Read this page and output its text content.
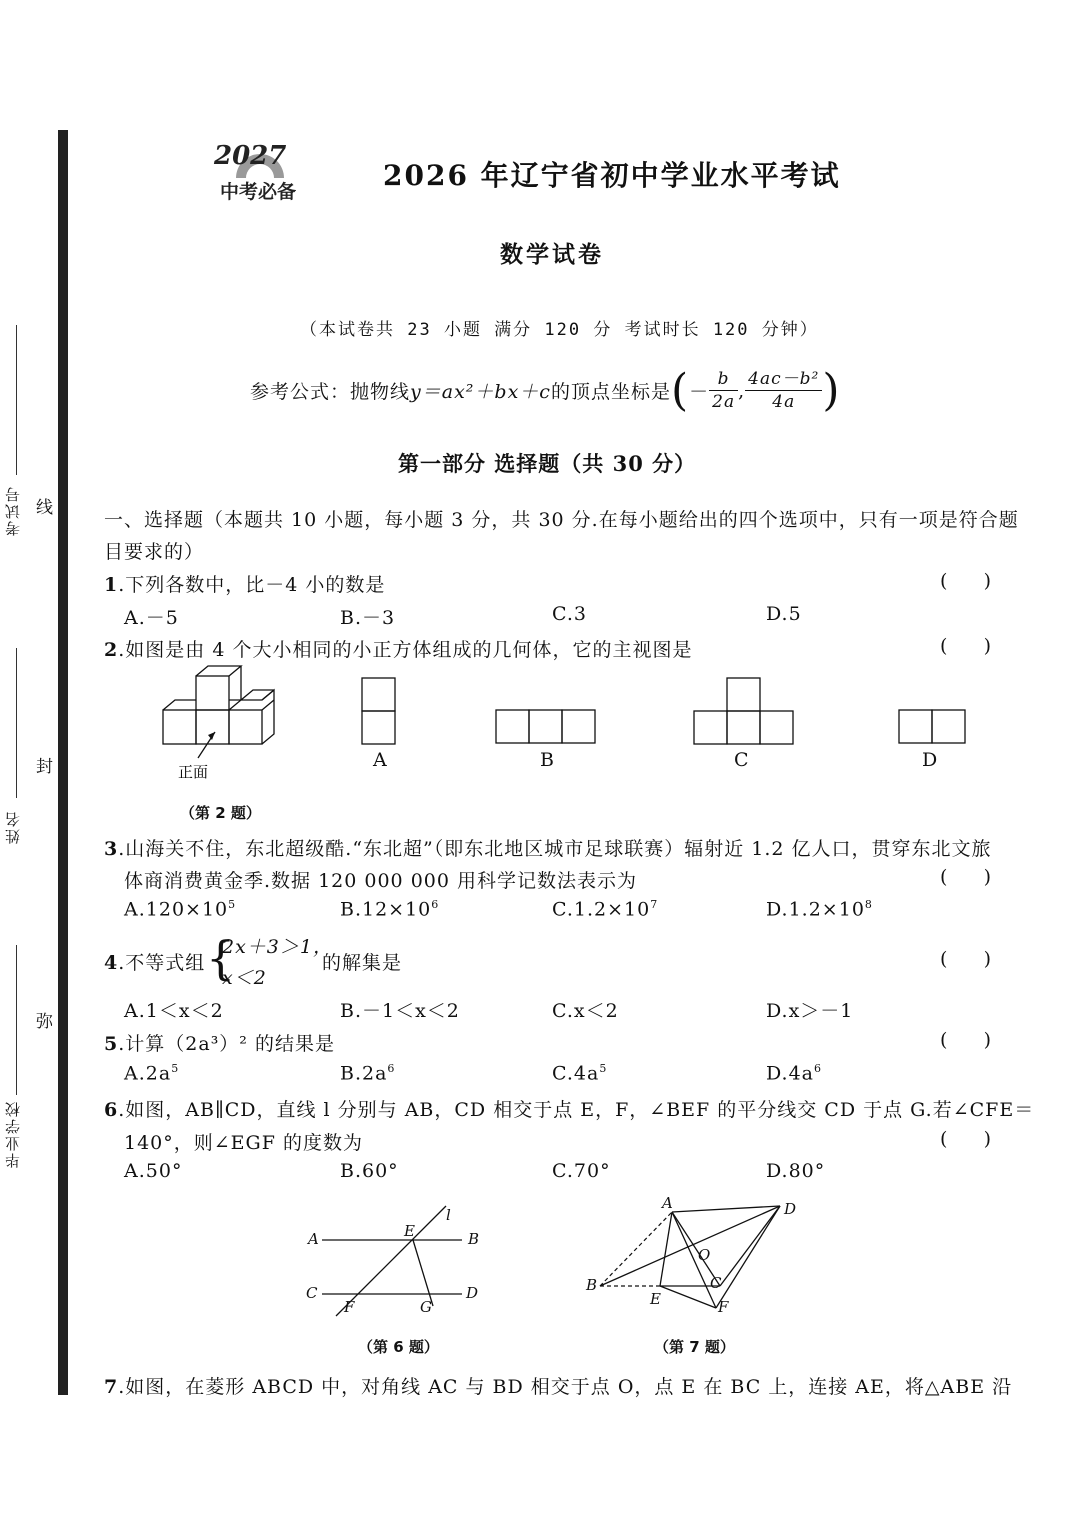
考试号
姓名
毕业学校
线
封
弥
2027
中考必备	2026 年辽宁省初中学业水平考试
数学试卷
（本试卷共 23 小题 满分 120 分 考试时长 120 分钟）
参考公式：抛物线 y＝ax²＋bx＋c 的顶点坐标是 ( － $\frac{b}{2a}$ , $\frac{\text{4ac－b²}}{4a}$ )
第一部分 选择题（共 30 分）
一、选择题（本题共 10 小题，每小题 3 分，共 30 分.在每小题给出的四个选项中，只有一项是符合题
目要求的）
1.下列各数中，比－4 小的数是	(      )
A.－5	B.－3	C.3	D.5
2.如图是由 4 个大小相同的小正方体组成的几何体，它的主视图是	(      )
正面
A	B	C	D
（第 2 题）
3.山海关不住，东北超级酷.“东北超”（即东北地区城市足球联赛）辐射近 1.2 亿人口，贯穿东北文旅
体商消费黄金季.数据 120 000 000 用科学记数法表示为	(      )
$A.120\times 10^5$	$B.12\times 10^6$	$C.1.2\times 10^7$	$D.1.2\times 10^8$
4.不等式组 {
2x＋3＞1，
x＜2
的解集是	(      )
A.1＜x＜2	B.－1＜x＜2	C.x＜2	D.x＞－1
5.计算（2a³）² 的结果是	(      )
$A.2a^5$	$B.2a^6$	$C.4a^5$	$D.4a^6$
6.如图，AB∥CD，直线 l 分别与 AB，CD 相交于点 E，F，∠BEF 的平分线交 CD 于点 G.若∠CFE＝
140°，则∠EGF 的度数为	(      )
A.50°	B.60°	C.70°	D.80°
A	B
C	D
E
F	G
l
（第 6 题）
A
B	C
D
E	F
O
（第 7 题）
7.如图，在菱形 ABCD 中，对角线 AC 与 BD 相交于点 O，点 E 在 BC 上，连接 AE，将△ABE 沿
